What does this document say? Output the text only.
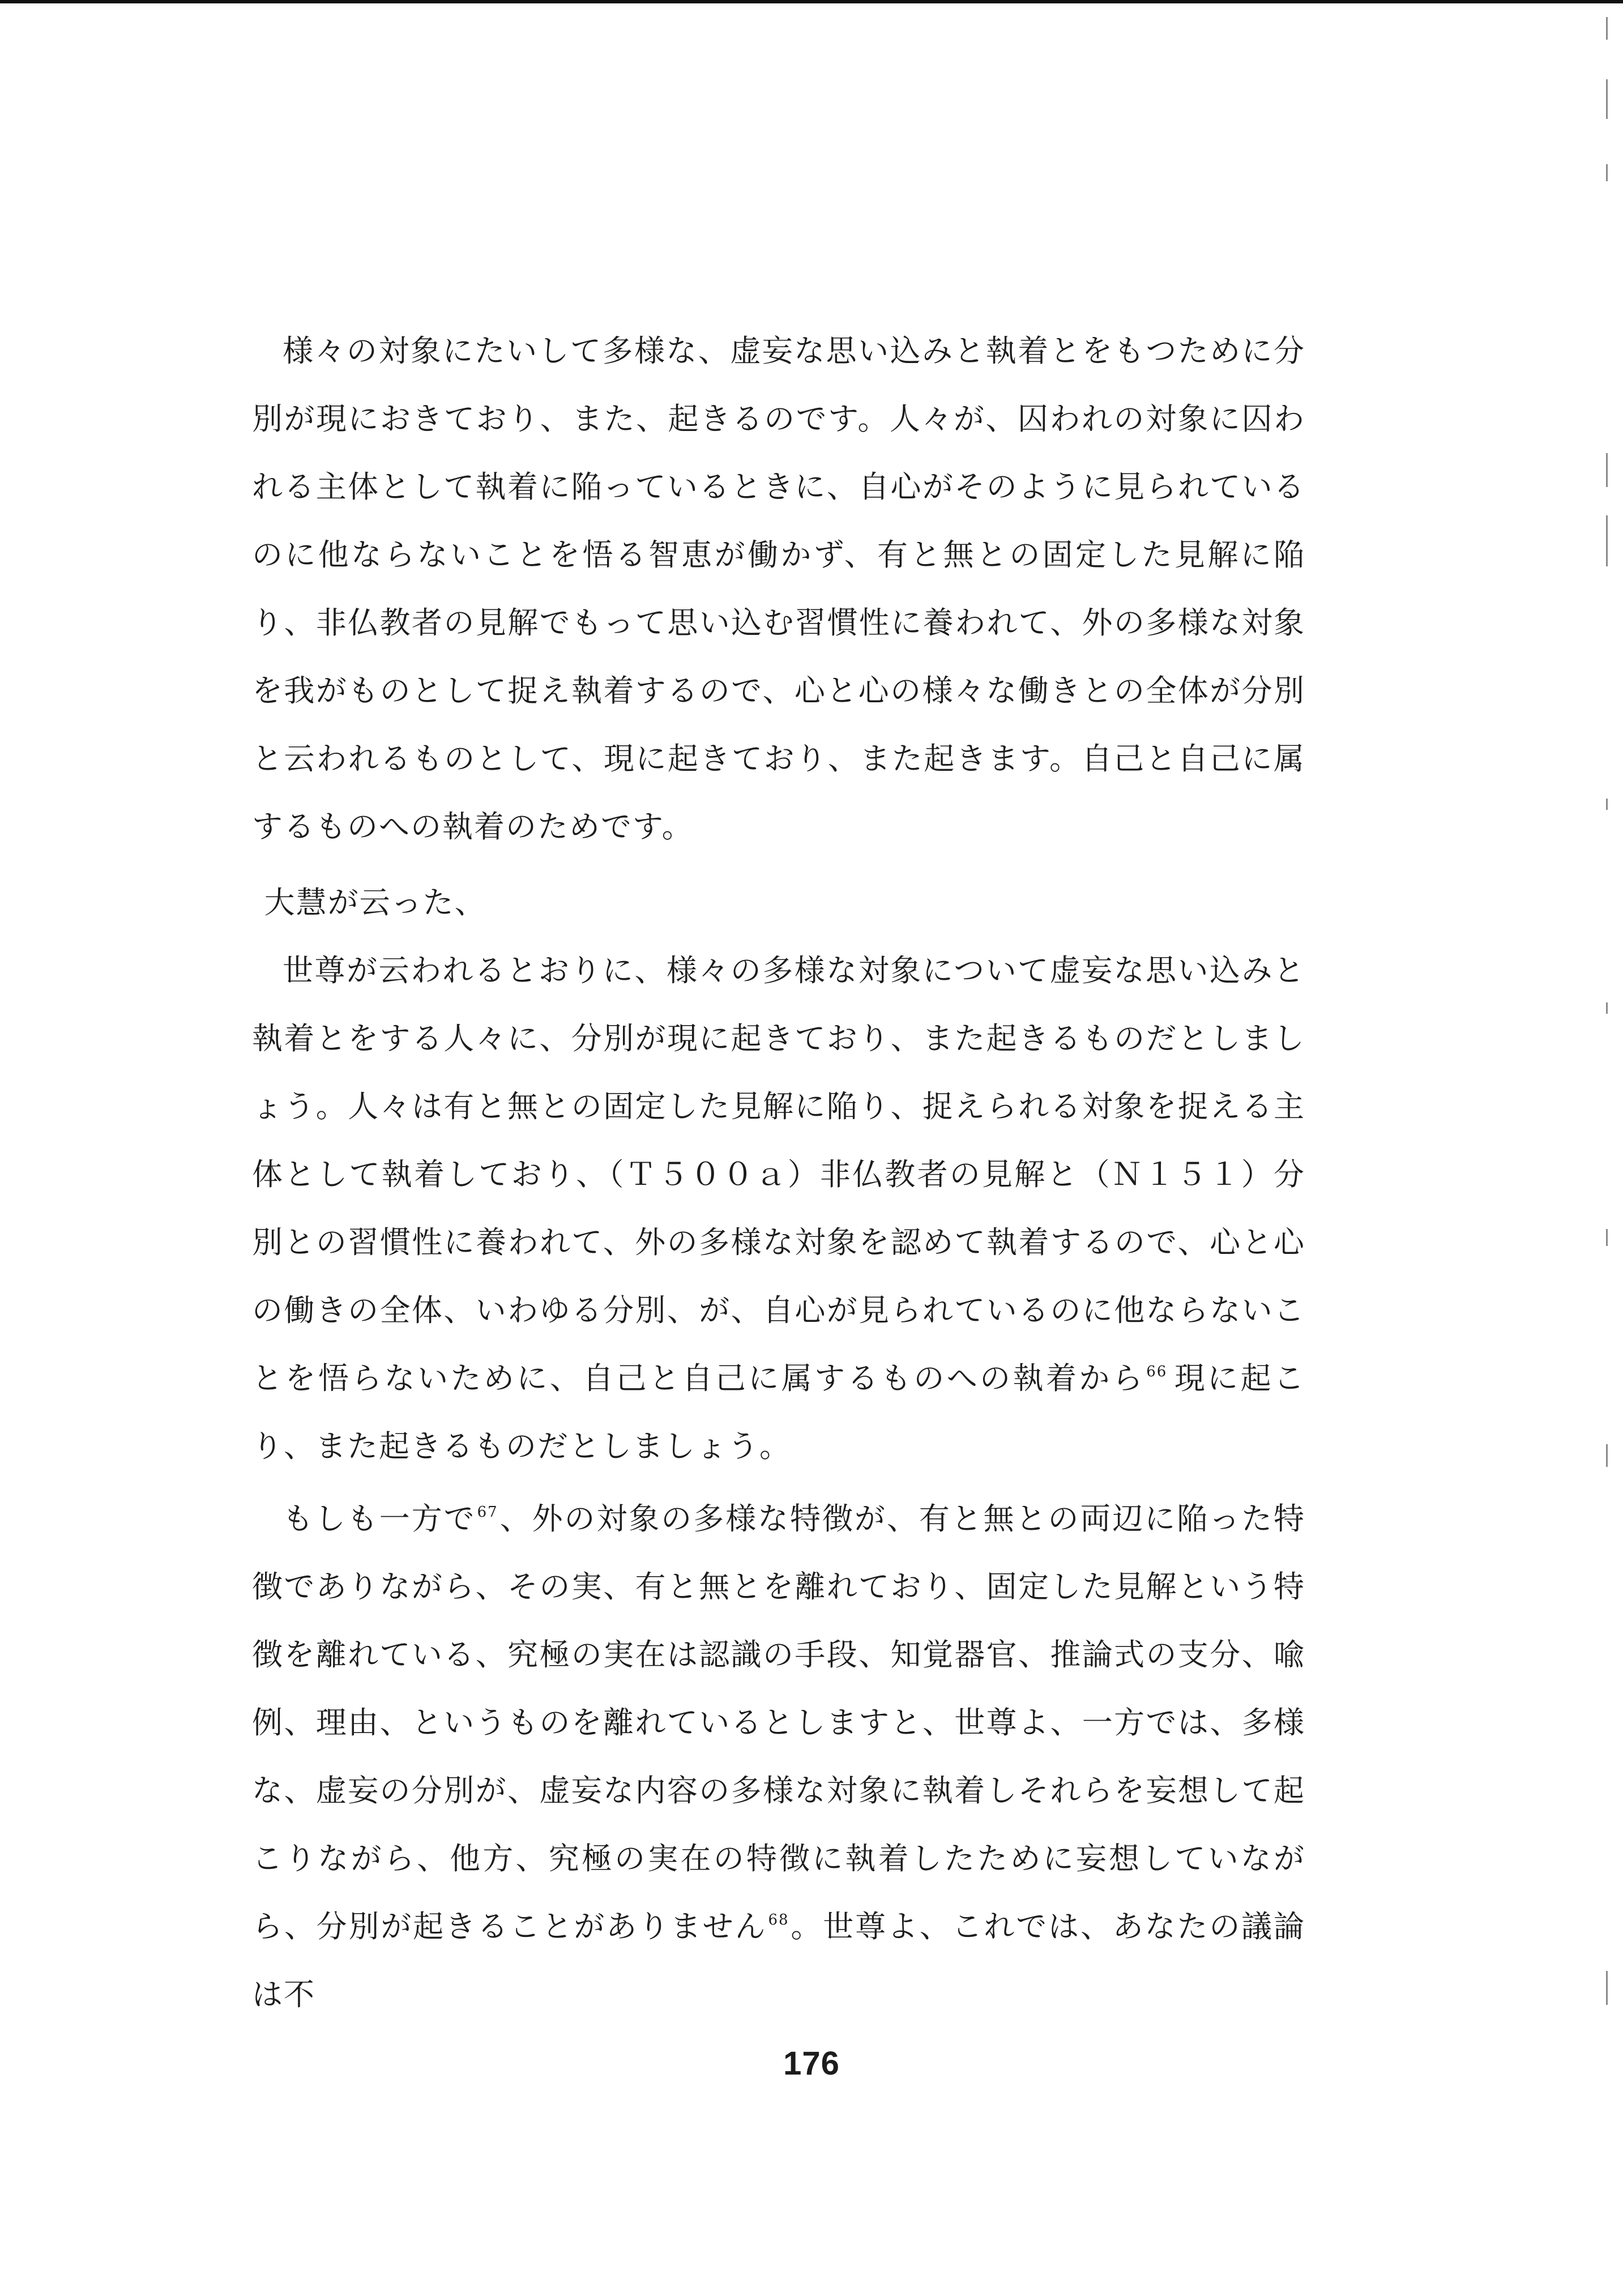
様々の対象にたいして多様な、虚妄な思い込みと執着とをもつために分別が現におきており、また、起きるのです。人々が、囚われの対象に囚われる主体として執着に陥っているときに、自心がそのように見られているのに他ならないことを悟る智恵が働かず、有と無との固定した見解に陥り、非仏教者の見解でもって思い込む習慣性に養われて、外の多様な対象を我がものとして捉え執着するので、心と心の様々な働きとの全体が分別と云われるものとして、現に起きており、また起きます。自己と自己に属するものへの執着のためです。

大慧が云った、

世尊が云われるとおりに、様々の多様な対象について虚妄な思い込みと執着とをする人々に、分別が現に起きており、また起きるものだとしましょう。人々は有と無との固定した見解に陥り、捉えられる対象を捉える主体として執着しており、（Ｔ５００ａ）非仏教者の見解と（Ｎ１５１）分別との習慣性に養われて、外の多様な対象を認めて執着するので、心と心の働きの全体、いわゆる分別、が、自心が見られているのに他ならないことを悟らないために、自己と自己に属するものへの執着から$^{66}$ 現に起こり、また起きるものだとしましょう。

もしも一方で$^{67}$、外の対象の多様な特徴が、有と無との両辺に陥った特徴でありながら、その実、有と無とを離れており、固定した見解という特徴を離れている、究極の実在は認識の手段、知覚器官、推論式の支分、喩例、理由、というものを離れているとしますと、世尊よ、一方では、多様な、虚妄の分別が、虚妄な内容の多様な対象に執着しそれらを妄想して起こりながら、他方、究極の実在の特徴に執着したために妄想していながら、分別が起きることがありません$^{68}$。世尊よ、これでは、あなたの議論は不

176
